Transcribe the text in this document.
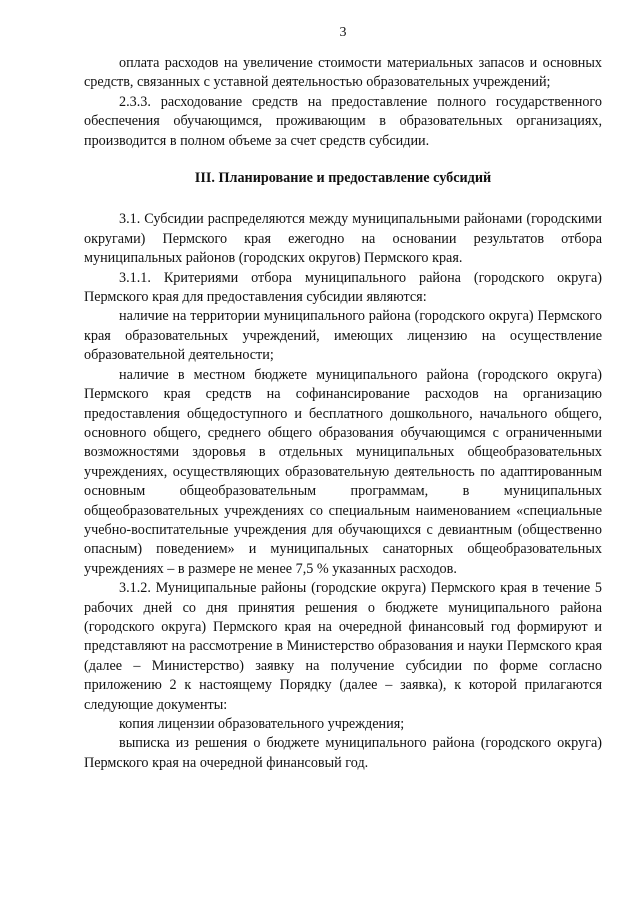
3

оплата расходов на увеличение стоимости материальных запасов и основных средств, связанных с уставной деятельностью образовательных учреждений;

2.3.3. расходование средств на предоставление полного государственного обеспечения обучающимся, проживающим в образовательных организациях, производится в полном объеме за счет средств субсидии.

III. Планирование и предоставление субсидий

3.1. Субсидии распределяются между муниципальными районами (городскими округами) Пермского края ежегодно на основании результатов отбора муниципальных районов (городских округов) Пермского края.

3.1.1. Критериями отбора муниципального района (городского округа) Пермского края для предоставления субсидии являются:

наличие на территории муниципального района (городского округа) Пермского края образовательных учреждений, имеющих лицензию на осуществление образовательной деятельности;

наличие в местном бюджете муниципального района (городского округа) Пермского края средств на софинансирование расходов на организацию предоставления общедоступного и бесплатного дошкольного, начального общего, основного общего, среднего общего образования обучающимся с ограниченными возможностями здоровья в отдельных муниципальных общеобразовательных учреждениях, осуществляющих образовательную деятельность по адаптированным основным общеобразовательным программам, в муниципальных общеобразовательных учреждениях со специальным наименованием «специальные учебно-воспитательные учреждения для обучающихся с девиантным (общественно опасным) поведением» и муниципальных санаторных общеобразовательных учреждениях – в размере не менее 7,5 % указанных расходов.

3.1.2. Муниципальные районы (городские округа) Пермского края в течение 5 рабочих дней со дня принятия решения о бюджете муниципального района (городского округа) Пермского края на очередной финансовый год формируют и представляют на рассмотрение в Министерство образования и науки Пермского края (далее – Министерство) заявку на получение субсидии по форме согласно приложению 2 к настоящему Порядку (далее – заявка), к которой прилагаются следующие документы:

копия лицензии образовательного учреждения;

выписка из решения о бюджете муниципального района (городского округа) Пермского края на очередной финансовый год.
